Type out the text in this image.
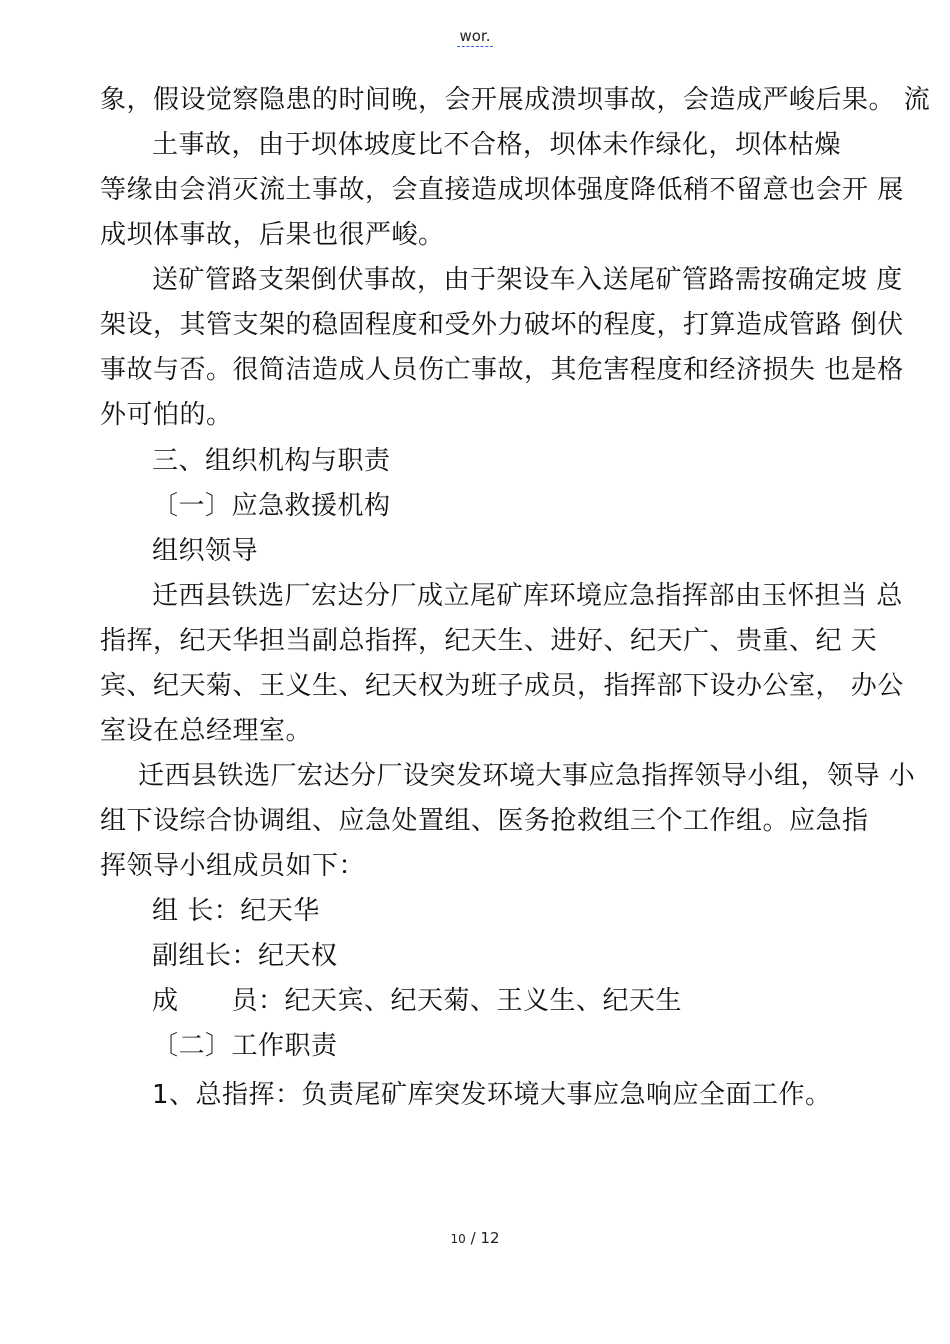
wor.
象，假设觉察隐患的时间晚，会开展成溃坝事故，会造成严峻后果。 流
土事故，由于坝体坡度比不合格，坝体未作绿化，坝体枯燥
等缘由会消灭流土事故，会直接造成坝体强度降低稍不留意也会开 展
成坝体事故，后果也很严峻。
送矿管路支架倒伏事故，由于架设车入送尾矿管路需按确定坡 度
架设，其管支架的稳固程度和受外力破坏的程度，打算造成管路 倒伏
事故与否。很简洁造成人员伤亡事故，其危害程度和经济损失 也是格
外可怕的。
三、组织机构与职责
〔一〕应急救援机构
组织领导
迁西县铁选厂宏达分厂成立尾矿库环境应急指挥部由玉怀担当 总
指挥，纪天华担当副总指挥，纪天生、进好、纪天广、贵重、纪 天
宾、纪天菊、王义生、纪天权为班子成员，指挥部下设办公室， 办公
室设在总经理室。
迁西县铁选厂宏达分厂设突发环境大事应急指挥领导小组，领导 小
组下设综合协调组、应急处置组、医务抢救组三个工作组。应急指
挥领导小组成员如下：
组 长：纪天华
副组长：纪天权
成　　员：纪天宾、纪天菊、王义生、纪天生
〔二〕工作职责
1、总指挥：负责尾矿库突发环境大事应急响应全面工作。
10 / 12
